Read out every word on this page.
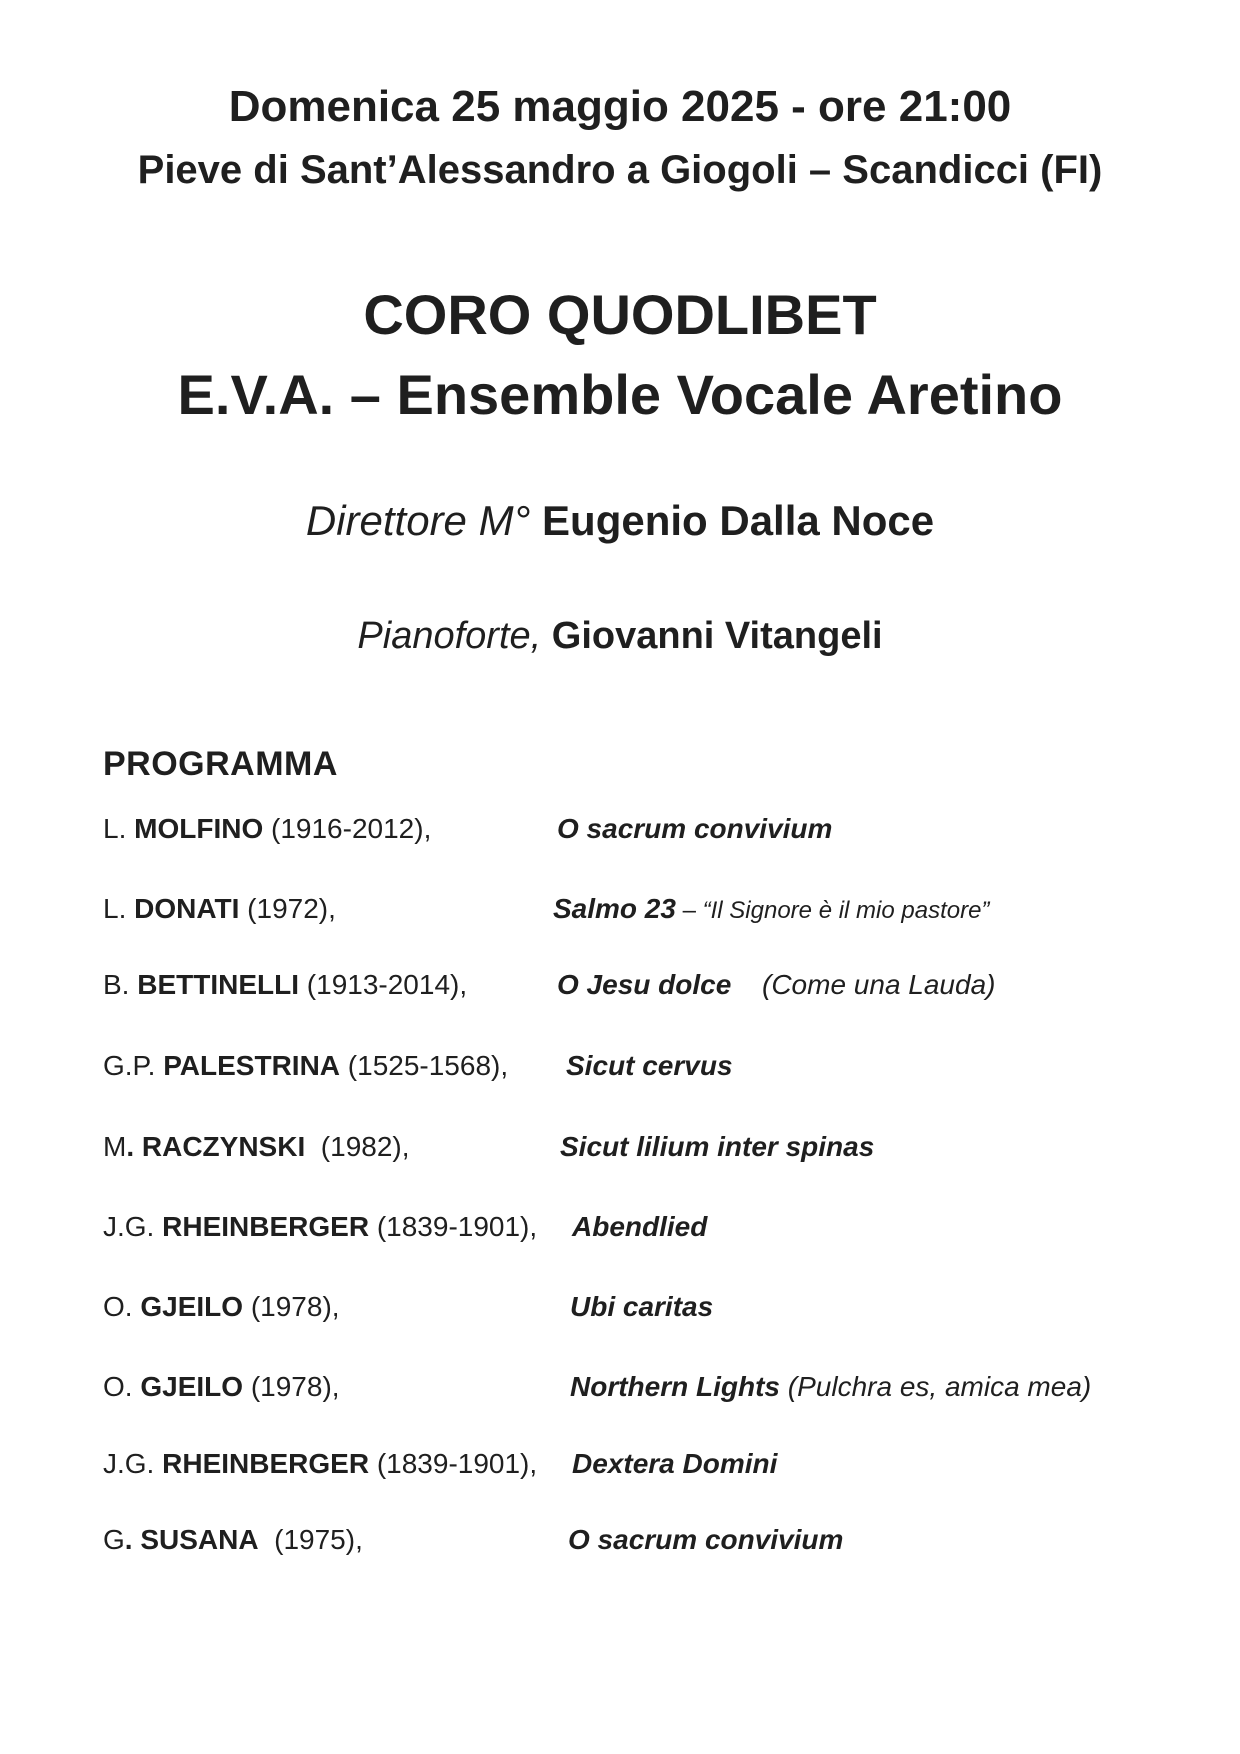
Domenica 25 maggio 2025 - ore 21:00
Pieve di Sant’Alessandro a Giogoli – Scandicci (FI)
CORO QUODLIBET
E.V.A. – Ensemble Vocale Aretino
Direttore M° Eugenio Dalla Noce
Pianoforte, Giovanni Vitangeli
PROGRAMMA
L. MOLFINO (1916-2012),	O sacrum convivium
L. DONATI (1972),	Salmo 23 – “Il Signore è il mio pastore”
B. BETTINELLI (1913-2014),	O Jesu dolce (Come una Lauda)
G.P. PALESTRINA (1525-1568), Sicut cervus
M. RACZYNSKI (1982),	Sicut lilium inter spinas
J.G. RHEINBERGER (1839-1901), Abendlied
O. GJEILO (1978),	Ubi caritas
O. GJEILO (1978),	Northern Lights (Pulchra es, amica mea)
J.G. RHEINBERGER (1839-1901), Dextera Domini
G. SUSANA (1975),	O sacrum convivium
